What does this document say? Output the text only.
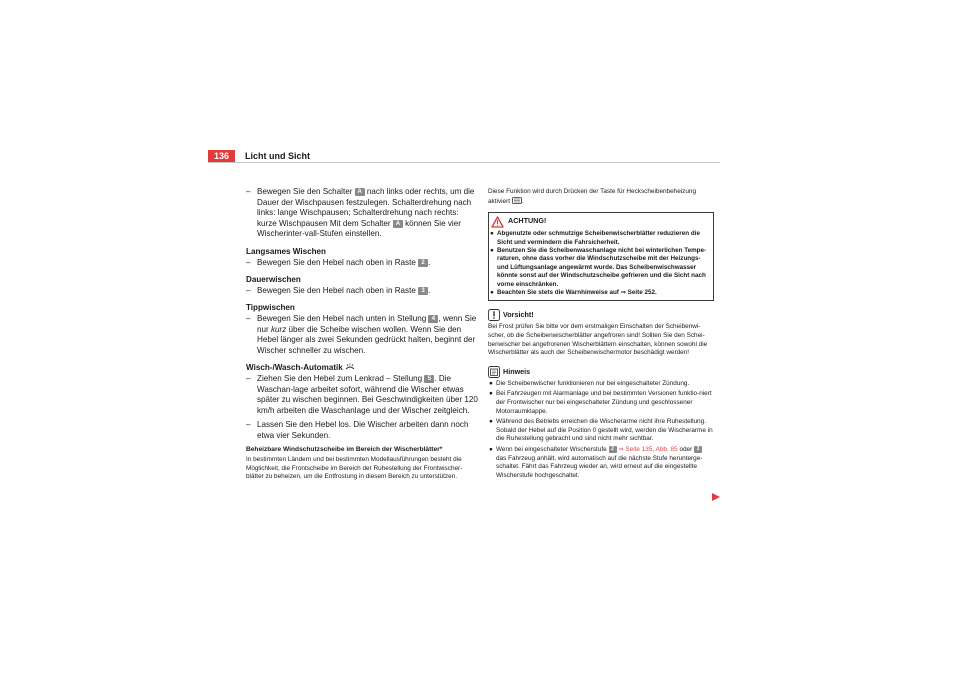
136	Licht und Sicht
– Bewegen Sie den Schalter A nach links oder rechts, um die Dauer der Wischpausen festzulegen. Schalterdrehung nach links: lange Wischpausen; Schalterdrehung nach rechts: kurze Wischpausen Mit dem Schalter A können Sie vier Wischerinter-vall-Stufen einstellen.
Langsames Wischen
– Bewegen Sie den Hebel nach oben in Raste 2 .
Dauerwischen
– Bewegen Sie den Hebel nach oben in Raste 3 .
Tippwischen
– Bewegen Sie den Hebel nach unten in Stellung 4 , wenn Sie nur kurz über die Scheibe wischen wollen. Wenn Sie den Hebel länger als zwei Sekunden gedrückt halten, beginnt der Wischer schneller zu wischen.
Wisch-/Wasch-Automatik
– Ziehen Sie den Hebel zum Lenkrad – Stellung 5 . Die Waschan-lage arbeitet sofort, während die Wischer etwas später zu wischen beginnen. Bei Geschwindigkeiten über 120 km/h arbeiten die Waschanlage und der Wischer zeitgleich.
– Lassen Sie den Hebel los. Die Wischer arbeiten dann noch etwa vier Sekunden.
Beheizbare Windschutzscheibe im Bereich der Wischerblätter*
In bestimmten Ländern und bei bestimmten Modellausführungen besteht die Möglichkeit, die Frontscheibe im Bereich der Ruhestellung der Frontwischer-blätter zu beheizen, um die Entfrostung in diesem Bereich zu unterstützen.
Diese Funktion wird durch Drücken der Taste für Heckscheibenbeheizung aktiviert .
ACHTUNG!
● Abgenutzte oder schmutzige Scheibenwischerblätter reduzieren die Sicht und vermindern die Fahrsicherheit.
● Benutzen Sie die Scheibenwaschanlage nicht bei winterlichen Tempe-raturen, ohne dass vorher die Windschutzscheibe mit der Heizungs- und Lüftungsanlage angewärmt wurde. Das Scheibenwischwasser könnte sonst auf der Windschutzscheibe gefrieren und die Sicht nach vorne einschränken.
● Beachten Sie stets die Warnhinweise auf ⇒ Seite 252.
Vorsicht!
Bei Frost prüfen Sie bitte vor dem erstmaligen Einschalten der Scheibenwi-scher, ob die Scheibenwischerblätter angefroren sind! Sollten Sie den Schei-benwischer bei angefrorenen Wischerblättern einschalten, können sowohl die Wischerblätter als auch der Scheibenwischermotor beschädigt werden!
Hinweis
● Die Scheibenwischer funktionieren nur bei eingeschalteter Zündung.
● Bei Fahrzeugen mit Alarmanlage und bei bestimmten Versionen funktio-niert der Frontwischer nur bei eingeschalteter Zündung und geschlossener Motorraumklappe.
● Während des Betriebs erreichen die Wischerarme nicht ihre Ruhestellung. Sobald der Hebel auf die Position 0 gestellt wird, werden die Wischerarme in die Ruhestellung gebracht und sind nicht mehr sichtbar.
● Wenn bei eingeschalteter Wischerstufe 2 ⇒ Seite 135, Abb. 85 oder 3 das Fahrzeug anhält, wird automatisch auf die nächste Stufe herunterge-schaltet. Fährt das Fahrzeug wieder an, wird erneut auf die eingestellte Wischerstufe hochgeschaltet.
